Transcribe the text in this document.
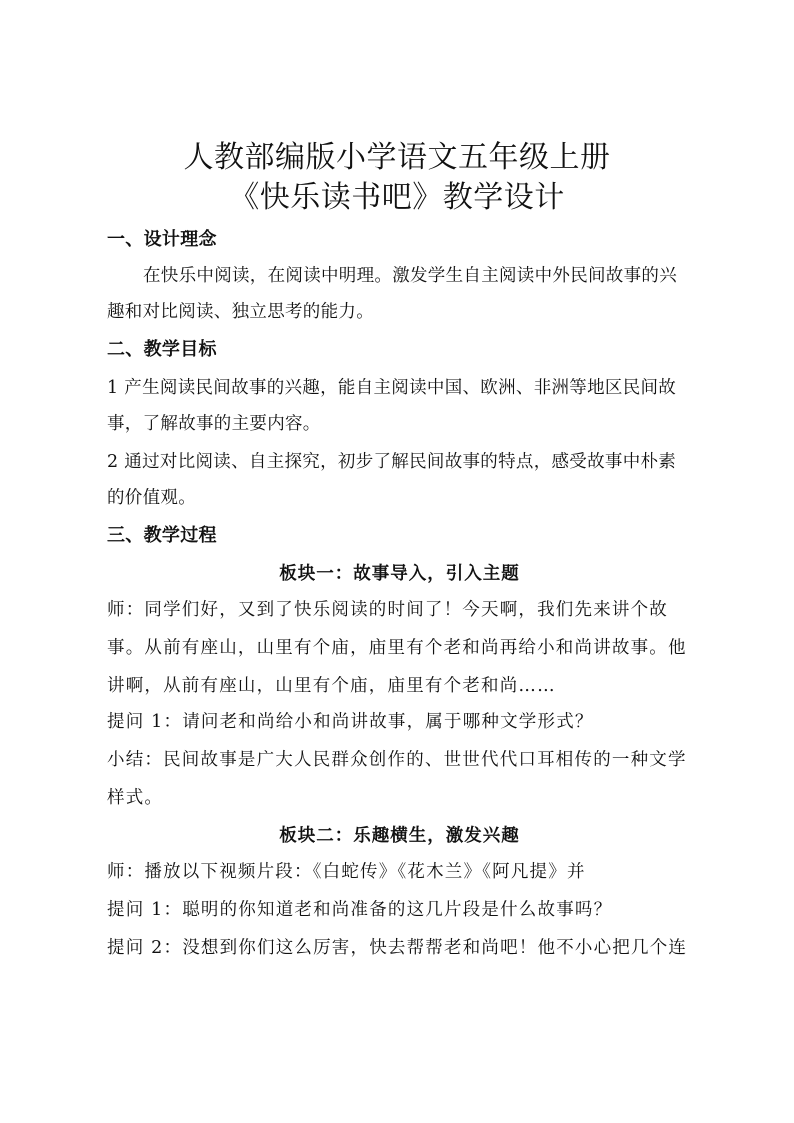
人教部编版小学语文五年级上册
《快乐读书吧》教学设计
一、设计理念
在快乐中阅读，在阅读中明理。激发学生自主阅读中外民间故事的兴
趣和对比阅读、独立思考的能力。
二、教学目标
1 产生阅读民间故事的兴趣，能自主阅读中国、欧洲、非洲等地区民间故
事，了解故事的主要内容。
2 通过对比阅读、自主探究，初步了解民间故事的特点，感受故事中朴素
的价值观。
三、教学过程
板块一：故事导入，引入主题
师：同学们好，又到了快乐阅读的时间了！今天啊，我们先来讲个故
事。从前有座山，山里有个庙，庙里有个老和尚再给小和尚讲故事。他
讲啊，从前有座山，山里有个庙，庙里有个老和尚……
提问 1：请问老和尚给小和尚讲故事，属于哪种文学形式？
小结：民间故事是广大人民群众创作的、世世代代口耳相传的一种文学
样式。
板块二：乐趣横生，激发兴趣
师：播放以下视频片段：《白蛇传》《花木兰》《阿凡提》并
提问 1：聪明的你知道老和尚准备的这几片段是什么故事吗？
提问 2：没想到你们这么厉害，快去帮帮老和尚吧！他不小心把几个连
